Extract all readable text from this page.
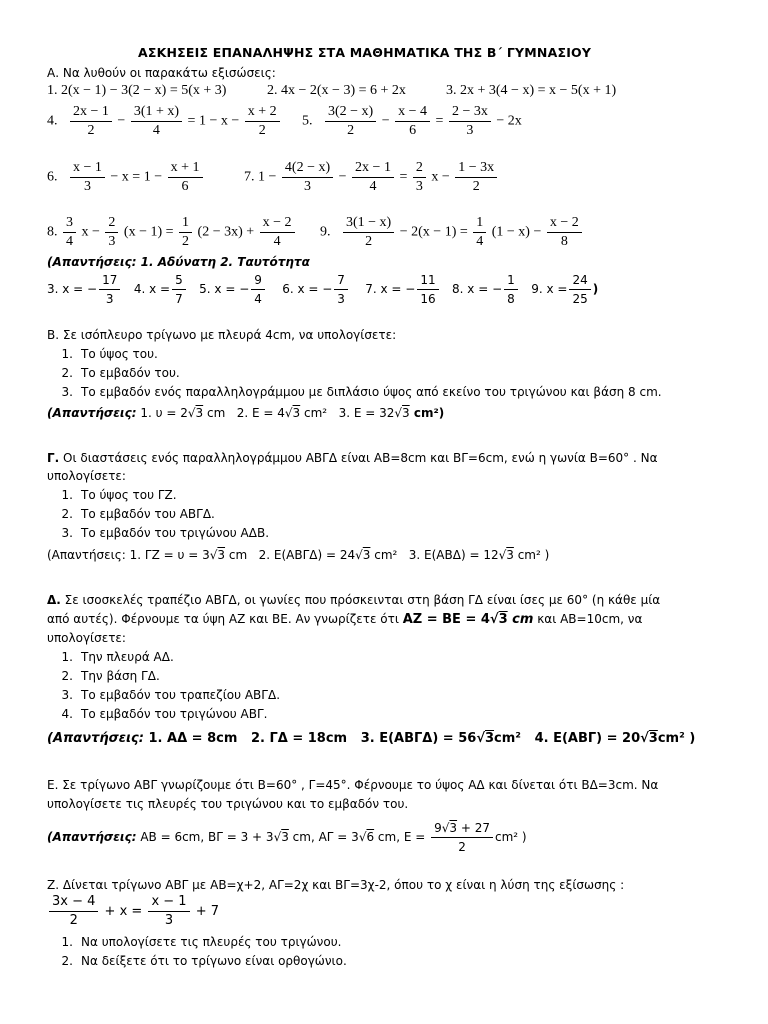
ΑΣΚΗΣΕΙΣ ΕΠΑΝΑΛΗΨΗΣ ΣΤΑ ΜΑΘΗΜΑΤΙΚΑ ΤΗΣ Β΄ ΓΥΜΝΑΣΙΟΥ
Α. Να λυθούν οι παρακάτω εξισώσεις:
1. 2(x − 1) − 3(2 − x) = 5(x + 3)	2. 4x − 2(x − 3) = 6 + 2x	3. 2x + 3(4 − x) = x − 5(x + 1)
4. $\frac{2x - 1}{2} - \frac{3(1 + x)}{4} = 1 - x - \frac{x + 2}{2} 5$. $\frac{3(2 - x)}{2} - \frac{x - 4}{6} = \frac{2 - 3x}{3} - 2x$
6. $\frac{x - 1}{3} - x = 1 - \frac{x + 1}{6}$	7. $1 - \frac{4(2 - x)}{3} - \frac{2x - 1}{4} = \frac{2}{3}$ $x - \frac{1 - 3x}{2}$
8. $\frac{3}{4}$ $x - \frac{2}{3} (x - 1) = \frac{1}{2} (2 - 3x) + \frac{x - 2}{4} 9$. $\frac{3(1 - x)}{2} - 2(x - 1) = \frac{1}{4} (1 - x) - \frac{x - 2}{8}$
(Απαντήσεις: 1. Αδύνατη 2. Ταυτότητα
3. x = − $\frac{17}{3} 4$. $x = \frac{5}{7} 5$. x = − $\frac{9}{4} 6$. x = − $\frac{7}{3} 7$. x = − $\frac{11}{16} 8$. x = − $\frac{1}{8} 9$. $x = \frac{24}{25}$ )
Β. Σε ισόπλευρο τρίγωνο με πλευρά 4cm, να υπολογίσετε:
1. Το ύψος του.
2. Το εμβαδόν του.
3. Το εμβαδόν ενός παραλληλογράμμου με διπλάσιο ύψος από εκείνο του τριγώνου και βάση 8 cm.
(Απαντήσεις: 1. υ = 2√3 cm 2. E = 4√3 cm² 3. E = 32√3 cm²)
Γ. Οι διαστάσεις ενός παραλληλογράμμου ΑΒΓΔ είναι ΑΒ=8cm και ΒΓ=6cm, ενώ η γωνία Β=60° . Να
υπολογίσετε:
1. Το ύψος του ΓΖ.
2. Το εμβαδόν του ΑΒΓΔ.
3. Το εμβαδόν του τριγώνου ΑΔΒ.
(Απαντήσεις: 1. ΓΖ = υ = 3√3 cm 2. Ε(ΑΒΓΔ) = 24√3 cm² 3. Ε(ΑΒΔ) = 12√3 cm² )
Δ. Σε ισοσκελές τραπέζιο ΑΒΓΔ, οι γωνίες που πρόσκεινται στη βάση ΓΔ είναι ίσες με 60° (η κάθε μία
από αυτές). Φέρνουμε τα ύψη ΑΖ και ΒΕ. Αν γνωρίζετε ότι ΑΖ = ΒΕ = 4√3 cm και ΑΒ=10cm, να
υπολογίσετε:
1. Την πλευρά ΑΔ.
2. Την βάση ΓΔ.
3. Το εμβαδόν του τραπεζίου ΑΒΓΔ.
4. Το εμβαδόν του τριγώνου ΑΒΓ.
(Απαντήσεις: 1. ΑΔ = 8cm 2. ΓΔ = 18cm 3. Ε(ΑΒΓΔ) = 56√3cm² 4. Ε(ΑΒΓ) = 20√3cm² )
Ε. Σε τρίγωνο ΑΒΓ γνωρίζουμε ότι Β=60° , Γ=45°. Φέρνουμε το ύψος ΑΔ και δίνεται ότι ΒΔ=3cm. Να
υπολογίσετε τις πλευρές του τριγώνου και το εμβαδόν του.
(Απαντήσεις: ΑΒ = 6cm, ΒΓ = 3 + 3√3 cm, ΑΓ = 3√6 cm, $E = \frac{9√3 + 27}{2} cm^2$ )
Ζ. Δίνεται τρίγωνο ΑΒΓ με ΑΒ=χ+2, ΑΓ=2χ και ΒΓ=3χ-2, όπου το χ είναι η λύση της εξίσωσης :
$\frac{3x - 4}{2} + x = \frac{x - 1}{3} + 7$
1. Να υπολογίσετε τις πλευρές του τριγώνου.
2. Να δείξετε ότι το τρίγωνο είναι ορθογώνιο.
